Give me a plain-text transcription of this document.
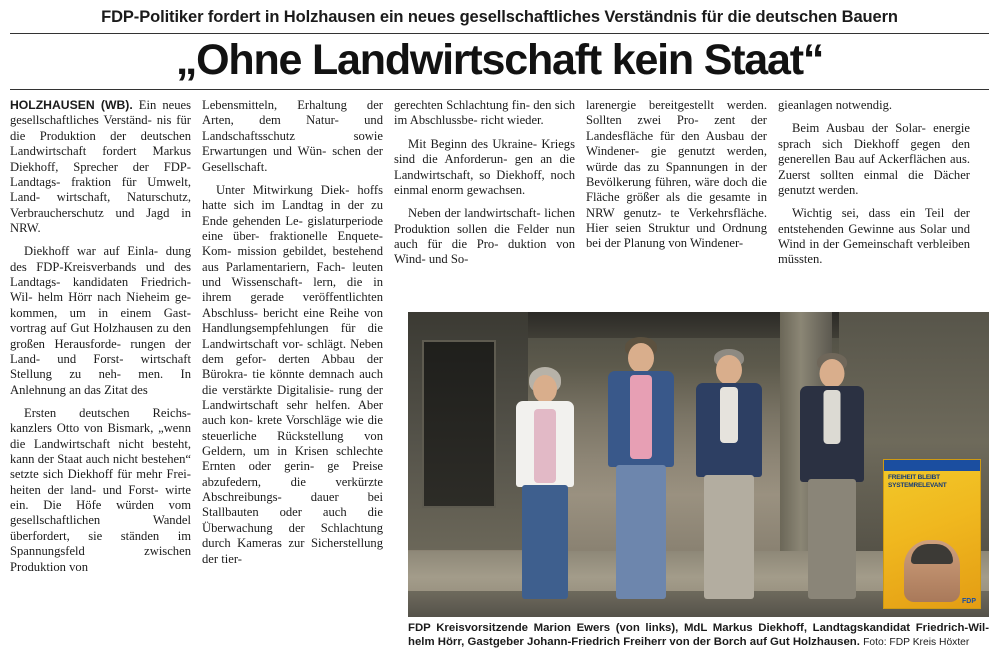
FDP-Politiker fordert in Holzhausen ein neues gesellschaftliches Verständnis für die deutschen Bauern
„Ohne Landwirtschaft kein Staat“

HOLZHAUSEN (WB). Ein neues gesellschaftliches Verständ- nis für die Produktion der deutschen Landwirtschaft fordert Markus Diekhoff, Sprecher der FDP-Landtags- fraktion für Umwelt, Land- wirtschaft, Naturschutz, Verbraucherschutz und Jagd in NRW.

Diekhoff war auf Einla- dung des FDP-Kreisverbands und des Landtags- kandidaten Friedrich-Wil- helm Hörr nach Nieheim ge- kommen, um in einem Gast- vortrag auf Gut Holzhausen zu den großen Herausforde- rungen der Land- und Forst- wirtschaft Stellung zu neh- men. In Anlehnung an das Zitat des

Ersten deutschen Reichs- kanzlers Otto von Bismark, „wenn die Landwirtschaft nicht besteht, kann der Staat auch nicht bestehen“ setzte sich Diekhoff für mehr Frei- heiten der land- und Forst- wirte ein. Die Höfe würden vom gesellschaftlichen Wandel überfordert, sie ständen im Spannungsfeld zwischen Produktion von

Lebensmitteln, Erhaltung der Arten, dem Natur- und Landschaftsschutz sowie Erwartungen und Wün- schen der Gesellschaft.

Unter Mitwirkung Diek- hoffs hatte sich im Landtag in der zu Ende gehenden Le- gislaturperiode eine über- fraktionelle Enquete-Kom- mission gebildet, bestehend aus Parlamentariern, Fach- leuten und Wissenschaft- lern, die in ihrem gerade veröffentlichten Abschluss- bericht eine Reihe von Handlungsempfehlungen für die Landwirtschaft vor- schlägt. Neben dem gefor- derten Abbau der Bürokra- tie könnte demnach auch die verstärkte Digitalisie- rung der Landwirtschaft sehr helfen. Aber auch kon- krete Vorschläge wie die steuerliche Rückstellung von Geldern, um in Krisen schlechte Ernten oder gerin- ge Preise abzufedern, die verkürzte Abschreibungs- dauer bei Stallbauten oder auch die Überwachung der Schlachtung durch Kameras zur Sicherstellung der tier-

gerechten Schlachtung fin- den sich im Abschlussbe- richt wieder.

Mit Beginn des Ukraine- Kriegs sind die Anforderun- gen an die Landwirtschaft, so Diekhoff, noch einmal enorm gewachsen.

Neben der landwirtschaft- lichen Produktion sollen die Felder nun auch für die Pro- duktion von Wind- und So-

larenergie bereitgestellt werden. Sollten zwei Pro- zent der Landesfläche für den Ausbau der Windener- gie genutzt werden, würde das zu Spannungen in der Bevölkerung führen, wäre doch die Fläche größer als die gesamte in NRW genutz- te Verkehrsfläche. Hier seien Struktur und Ordnung bei der Planung von Windener-

gieanlagen notwendig.

Beim Ausbau der Solar- energie sprach sich Diekhoff gegen den generellen Bau auf Ackerflächen aus. Zuerst sollten einmal die Dächer genutzt werden.

Wichtig sei, dass ein Teil der entstehenden Gewinne aus Solar und Wind in der Gemeinschaft verbleiben müssten.

FREIHEIT BLEIBT SYSTEMRELEVANT
FDP
FDP Kreisvorsitzende Marion Ewers (von links), MdL Markus Diekhoff, Landtagskandidat Friedrich-Wil- helm Hörr, Gastgeber Johann-Friedrich Freiherr von der Borch auf Gut Holzhausen. Foto: FDP Kreis Höxter
